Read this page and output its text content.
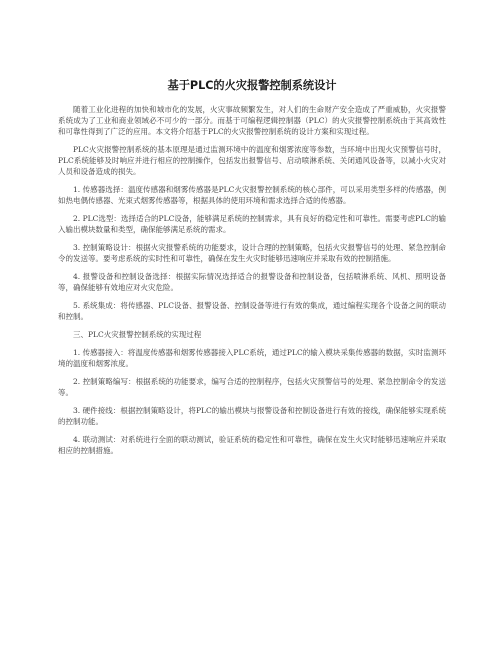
基于PLC的火灾报警控制系统设计

随着工业化进程的加快和城市化的发展，火灾事故频繁发生，对人们的生命财产安全造成了严重威胁，火灾报警系统成为了工业和商业领域必不可少的一部分。而基于可编程逻辑控制器（PLC）的火灾报警控制系统由于其高效性和可靠性得到了广泛的应用。本文将介绍基于PLC的火灾报警控制系统的设计方案和实现过程。

PLC火灾报警控制系统的基本原理是通过监测环境中的温度和烟雾浓度等参数，当环境中出现火灾预警信号时，PLC系统能够及时响应并进行相应的控制操作，包括发出报警信号、启动喷淋系统、关闭通风设备等，以减小火灾对人员和设备造成的损失。

1. 传感器选择：温度传感器和烟雾传感器是PLC火灾报警控制系统的核心部件，可以采用类型多样的传感器，例如热电偶传感器、光束式烟雾传感器等，根据具体的使用环境和需求选择合适的传感器。

2. PLC选型：选择适合的PLC设备，能够满足系统的控制需求，具有良好的稳定性和可靠性。需要考虑PLC的输入输出模块数量和类型，确保能够满足系统的需求。

3. 控制策略设计：根据火灾报警系统的功能要求，设计合理的控制策略，包括火灾报警信号的处理、紧急控制命令的发送等。要考虑系统的实时性和可靠性，确保在发生火灾时能够迅速响应并采取有效的控制措施。

4. 报警设备和控制设备选择：根据实际情况选择适合的报警设备和控制设备，包括喷淋系统、风机、照明设备等，确保能够有效地应对火灾危险。

5. 系统集成：将传感器、PLC设备、报警设备、控制设备等进行有效的集成，通过编程实现各个设备之间的联动和控制。

三、PLC火灾报警控制系统的实现过程

1. 传感器接入：将温度传感器和烟雾传感器接入PLC系统，通过PLC的输入模块采集传感器的数据，实时监测环境的温度和烟雾浓度。

2. 控制策略编写：根据系统的功能要求，编写合适的控制程序，包括火灾预警信号的处理、紧急控制命令的发送等。

3. 硬件接线：根据控制策略设计，将PLC的输出模块与报警设备和控制设备进行有效的接线，确保能够实现系统的控制功能。

4. 联动测试：对系统进行全面的联动测试，验证系统的稳定性和可靠性，确保在发生火灾时能够迅速响应并采取相应的控制措施。
